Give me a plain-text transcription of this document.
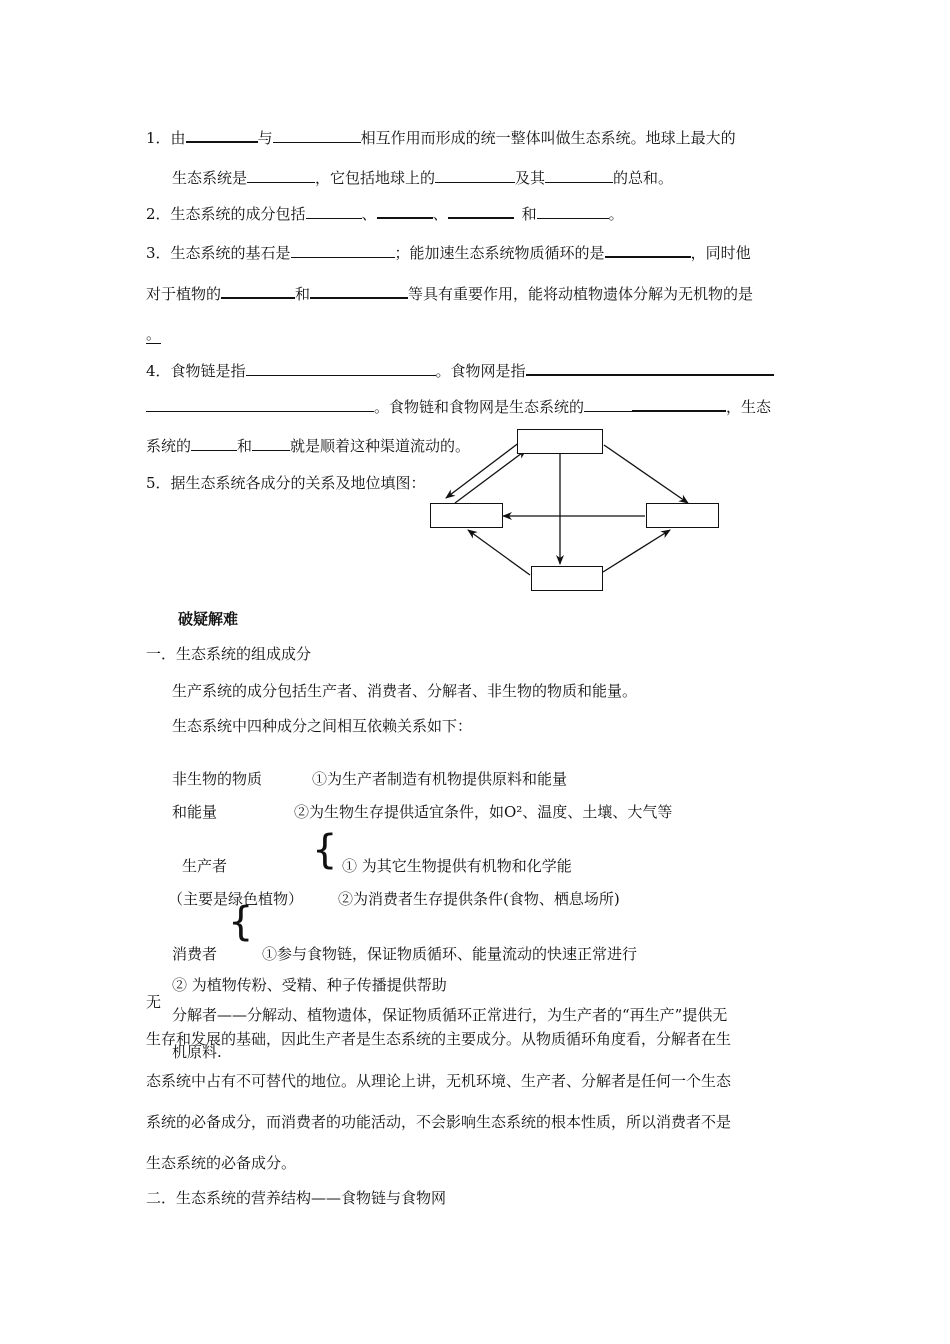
1．由	与	相互作用而形成的统一整体叫做生态系统。地球上最大的
生态系统是	，它包括地球上的	及其	的总和。
2．生态系统的成分包括	、	、	和	。
3．生态系统的基石是	；能加速生态系统物质循环的是	，同时他
对于植物的	和	等具有重要作用，能将动植物遗体分解为无机物的是
。
4．食物链是指	。食物网是指
。食物链和食物网是生态系统的	，生态
系统的	和	就是顺着这种渠道流动的。
5．据生态系统各成分的关系及地位填图：
破疑解难
一．生态系统的组成成分
生产系统的成分包括生产者、消费者、分解者、非生物的物质和能量。
生态系统中四种成分之间相互依赖关系如下：
非生物的物质
和能量
①为生产者制造有机物提供原料和能量
②为生物生存提供适宜条件，如O²、温度、土壤、大气等
{
生产者	① 为其它生物提供有机物和化学能
（主要是绿色植物） ②为消费者生存提供条件(食物、栖息场所)
{
消费者	①参与食物链，保证物质循环、能量流动的快速正常进行
② 为植物传粉、受精、种子传播提供帮助
无
分解者——分解动、植物遗体，保证物质循环正常进行，为生产者的“再生产”提供无
生存和发展的基础，因此生产者是生态系统的主要成分。从物质循环角度看，分解者在生
机原料.
态系统中占有不可替代的地位。从理论上讲，无机环境、生产者、分解者是任何一个生态
系统的必备成分，而消费者的功能活动，不会影响生态系统的根本性质，所以消费者不是
生态系统的必备成分。
二．生态系统的营养结构——食物链与食物网
